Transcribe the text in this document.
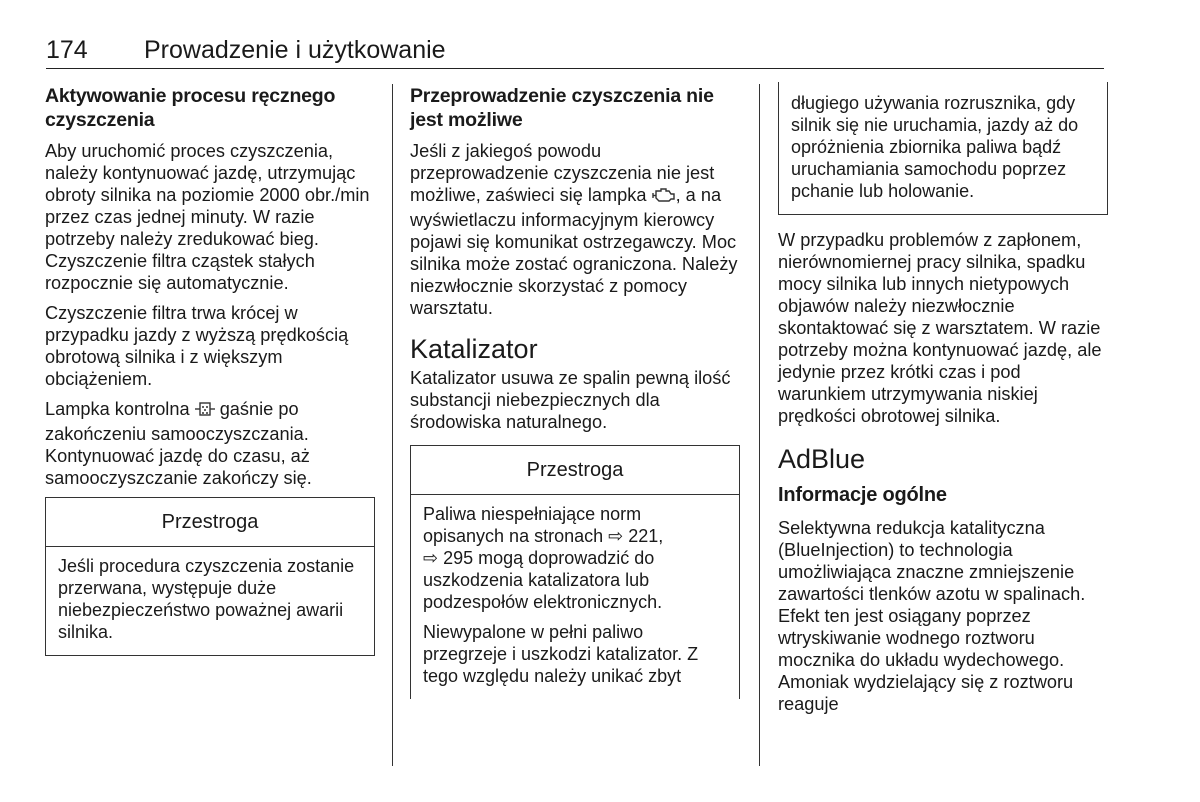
174 Prowadzenie i użytkowanie
Aktywowanie procesu ręcznego czyszczenia

Aby uruchomić proces czyszczenia, należy kontynuować jazdę, utrzymując obroty silnika na poziomie 2000 obr./min przez czas jednej minuty. W razie potrzeby należy zredukować bieg. Czyszczenie filtra cząstek stałych rozpocznie się automatycznie.

Czyszczenie filtra trwa krócej w przypadku jazdy z wyższą prędkością obrotową silnika i z większym obciążeniem.

Lampka kontrolna  gaśnie po zakończeniu samooczyszczania. Kontynuować jazdę do czasu, aż samooczyszczanie zakończy się.

Przestroga

Jeśli procedura czyszczenia zostanie przerwana, występuje duże niebezpieczeństwo poważnej awarii silnika.

Przeprowadzenie czyszczenia nie jest możliwe

Jeśli z jakiegoś powodu przeprowadzenie czyszczenia nie jest możliwe, zaświeci się lampka , a na wyświetlaczu informacyjnym kierowcy pojawi się komunikat ostrzegawczy. Moc silnika może zostać ograniczona. Należy niezwłocznie skorzystać z pomocy warsztatu.

Katalizator

Katalizator usuwa ze spalin pewną ilość substancji niebezpiecznych dla środowiska naturalnego.

Przestroga

Paliwa niespełniające norm opisanych na stronach ⇨ 221,
⇨ 295 mogą doprowadzić do uszkodzenia katalizatora lub podzespołów elektronicznych.

Niewypalone w pełni paliwo przegrzeje i uszkodzi katalizator. Z tego względu należy unikać zbyt

długiego używania rozrusznika, gdy silnik się nie uruchamia, jazdy aż do opróżnienia zbiornika paliwa bądź uruchamiania samochodu poprzez pchanie lub holowanie.

W przypadku problemów z zapłonem, nierównomiernej pracy silnika, spadku mocy silnika lub innych nietypowych objawów należy niezwłocznie skontaktować się z warsztatem. W razie potrzeby można kontynuować jazdę, ale jedynie przez krótki czas i pod warunkiem utrzymywania niskiej prędkości obrotowej silnika.

AdBlue
Informacje ogólne

Selektywna redukcja katalityczna (BlueInjection) to technologia umożliwiająca znaczne zmniejszenie zawartości tlenków azotu w spalinach. Efekt ten jest osiągany poprzez wtryskiwanie wodnego roztworu mocznika do układu wydechowego. Amoniak wydzielający się z roztworu reaguje
